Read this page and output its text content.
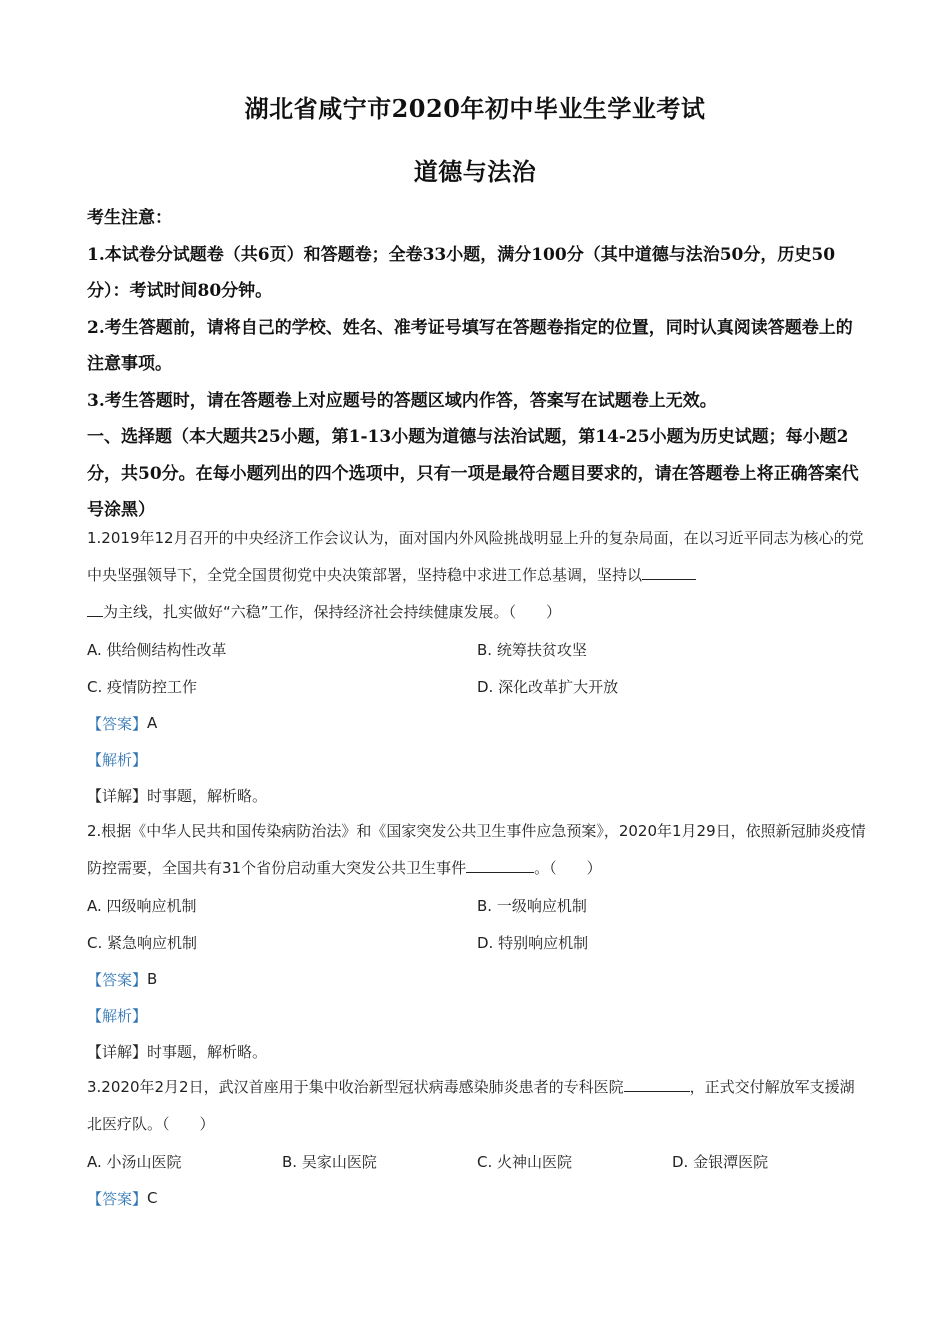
湖北省咸宁市2020年初中毕业生学业考试
道德与法治

考生注意：

1.本试卷分试题卷（共6页）和答题卷；全卷33小题，满分100分（其中道德与法治50分，历史50分）：考试时间80分钟。

2.考生答题前，请将自己的学校、姓名、准考证号填写在答题卷指定的位置，同时认真阅读答题卷上的注意事项。

3.考生答题时，请在答题卷上对应题号的答题区域内作答，答案写在试题卷上无效。

一、选择题（本大题共25小题，第1-13小题为道德与法治试题，第14-25小题为历史试题；每小题2分，共50分。在每小题列出的四个选项中，只有一项是最符合题目要求的，请在答题卷上将正确答案代号涂黑）

1.2019年12月召开的中央经济工作会议认为，面对国内外风险挑战明显上升的复杂局面，在以习近平同志为核心的党中央坚强领导下，全党全国贯彻党中央决策部署，坚持稳中求进工作总基调，坚持以
为主线，扎实做好“六稳”工作，保持经济社会持续健康发展。（　　）

A. 供给侧结构性改革	B. 统筹扶贫攻坚
C. 疫情防控工作	D. 深化改革扩大开放
【答案】 A
【解析】
【详解】 时事题，解析略。

2.根据《中华人民共和国传染病防治法》和《国家突发公共卫生事件应急预案》，2020年1月29日，依照新冠肺炎疫情防控需要，全国共有31个省份启动重大突发公共卫生事件	。（　　）

A. 四级响应机制	B. 一级响应机制
C. 紧急响应机制	D. 特别响应机制
【答案】 B
【解析】
【详解】 时事题，解析略。

3.2020年2月2日，武汉首座用于集中收治新型冠状病毒感染肺炎患者的专科医院	，正式交付解放军支援湖北医疗队。（　　）

A. 小汤山医院	B. 吴家山医院	C. 火神山医院	D. 金银潭医院
【答案】 C
